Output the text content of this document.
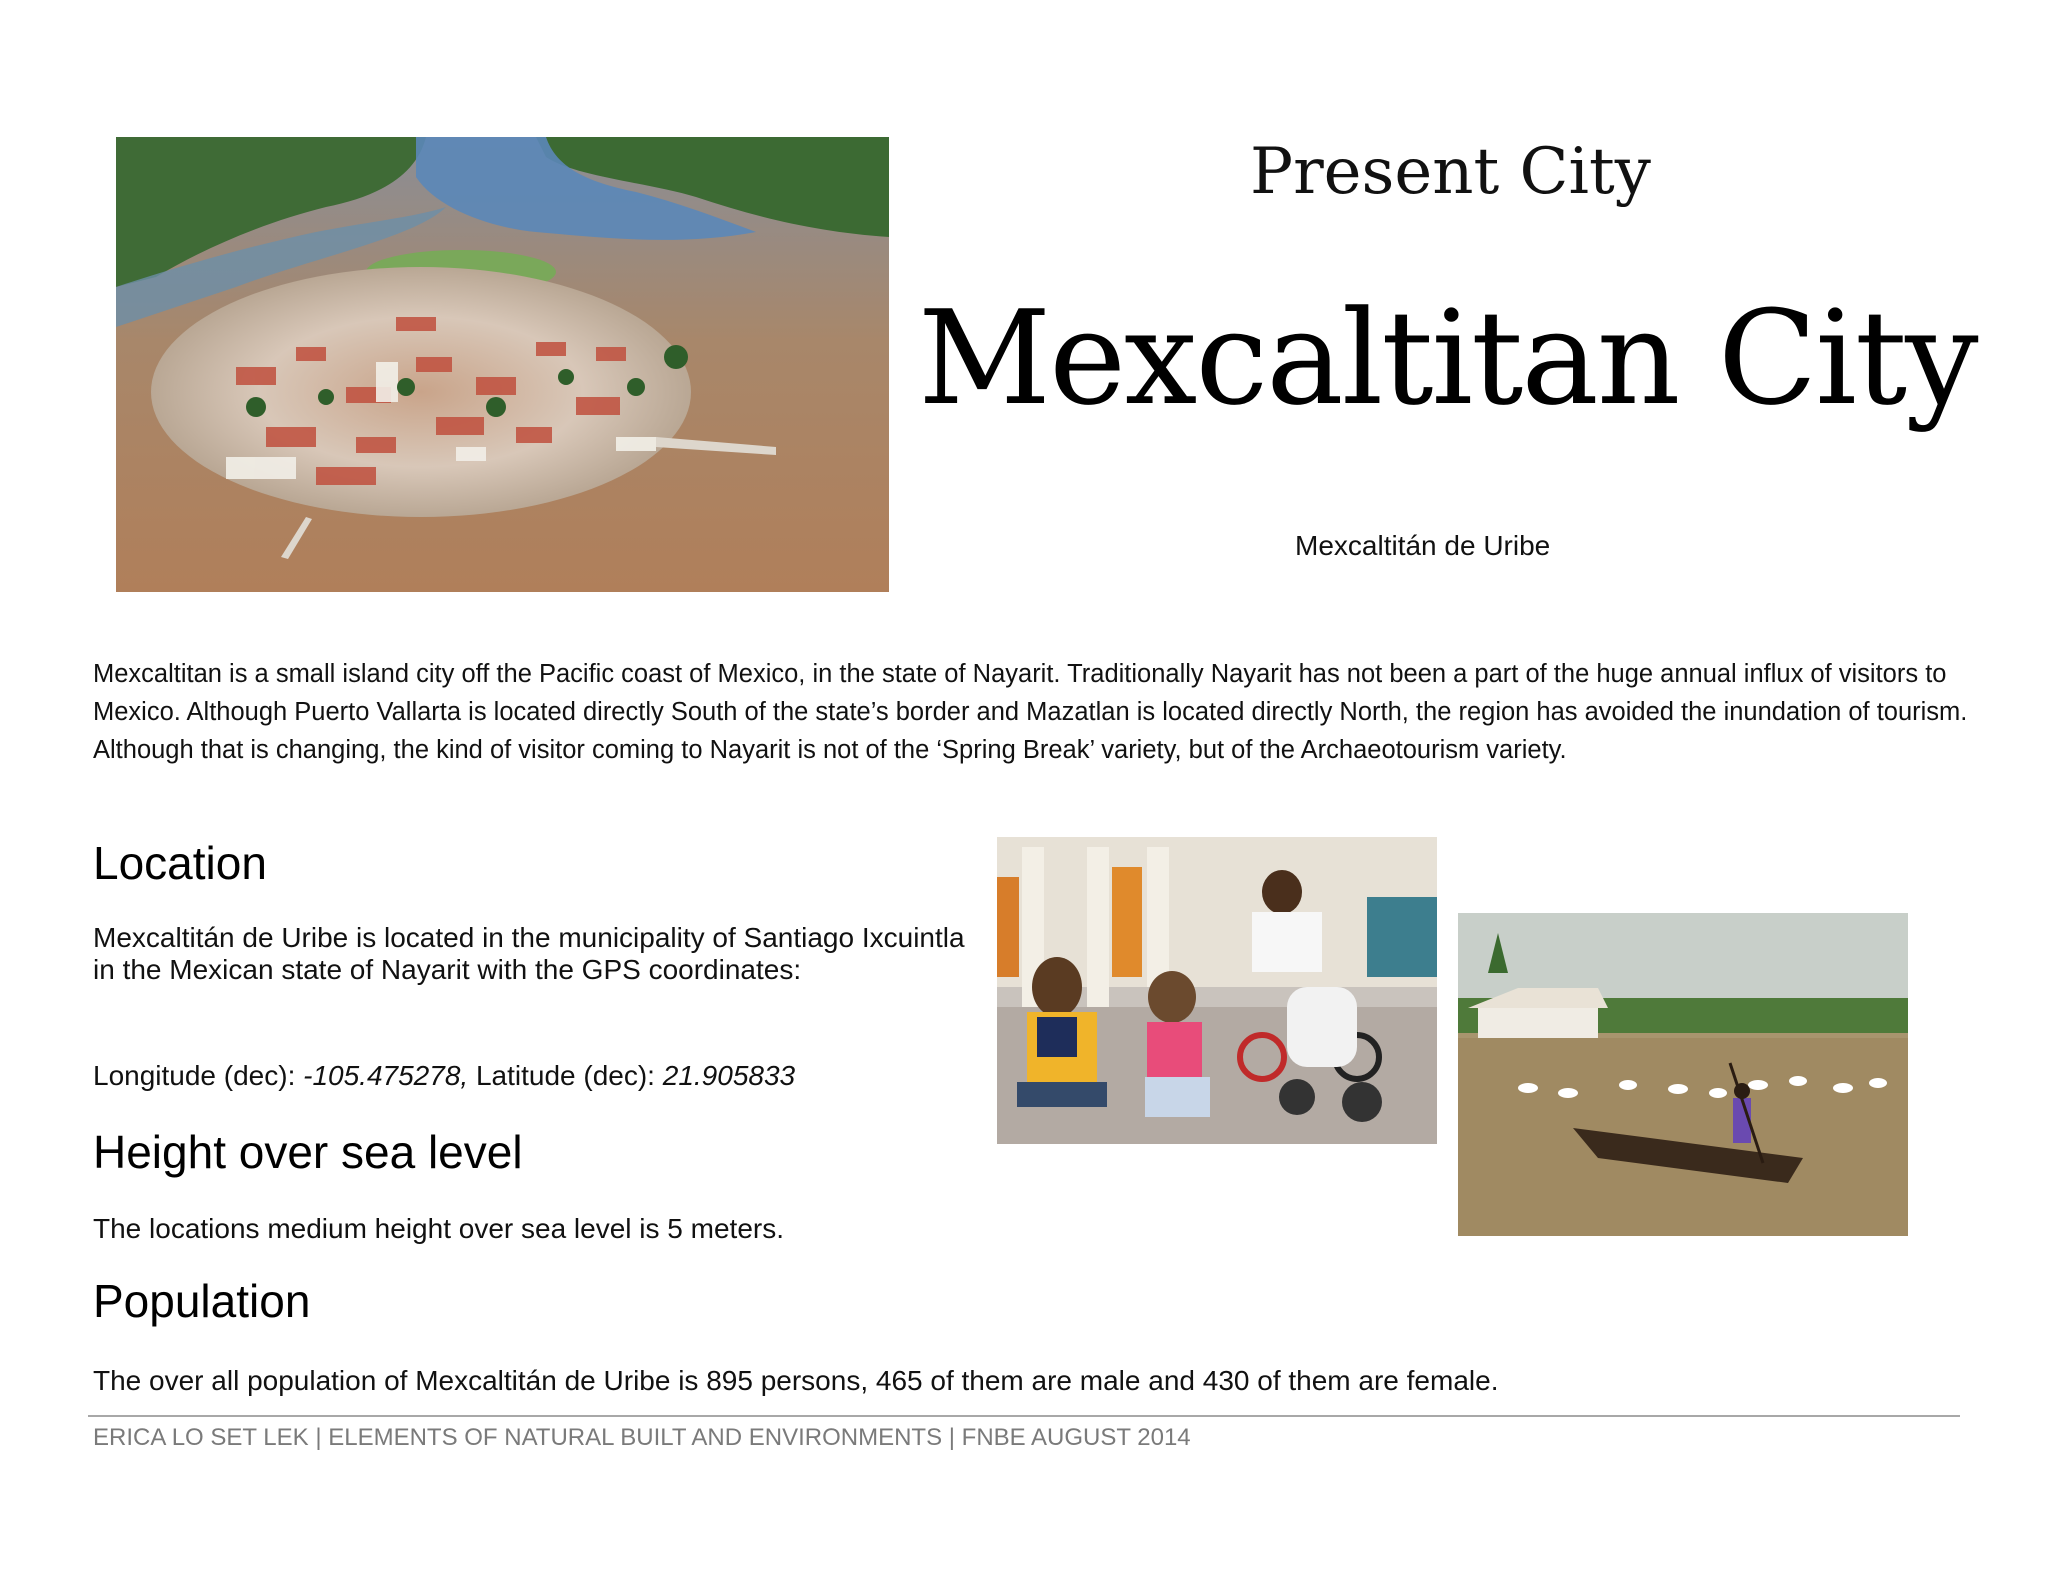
Present City
Mexcaltitan City
Mexcaltitán de Uribe
Mexcaltitan is a small island city off the Pacific coast of Mexico, in the state of Nayarit. Traditionally Nayarit has not been a part of the huge annual influx of visitors to Mexico. Although Puerto Vallarta is located directly South of the state’s border and Mazatlan is located directly North, the region has avoided the inundation of tourism. Although that is changing, the kind of visitor coming to Nayarit is not of the ‘Spring Break’ variety, but of the Archaeotourism variety.
Location
Mexcaltitán de Uribe is located in the municipality of Santiago Ixcuintla in the Mexican state of Nayarit with the GPS coordinates:
Longitude (dec): -105.475278, Latitude (dec): 21.905833
Height over sea level
The locations medium height over sea level is 5 meters.
Population
The over all population of Mexcaltitán de Uribe is 895 persons, 465 of them are male and 430 of them are female.
ERICA LO SET LEK | ELEMENTS OF NATURAL BUILT AND ENVIRONMENTS | FNBE AUGUST 2014
